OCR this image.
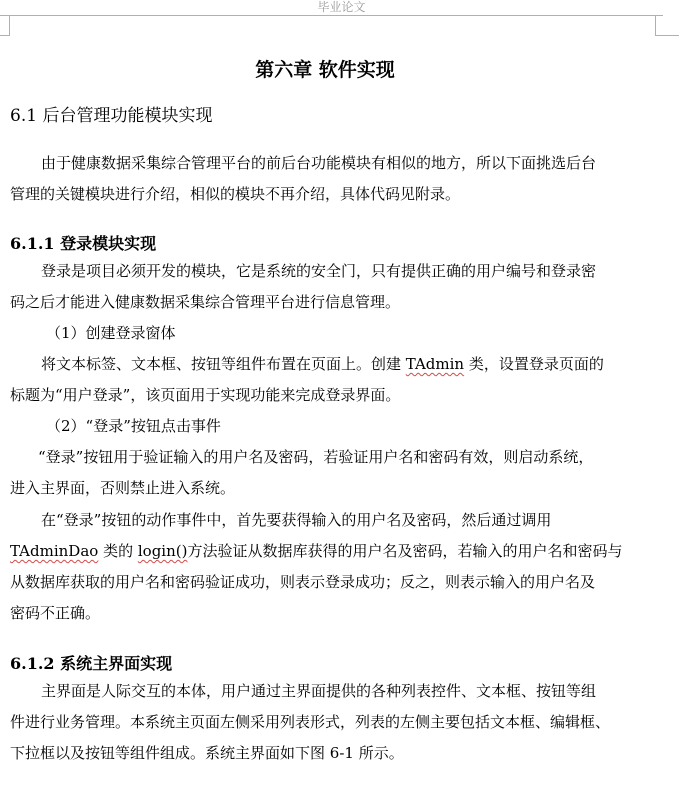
毕业论文
第六章 软件实现
6.1 后台管理功能模块实现

由于健康数据采集综合管理平台的前后台功能模块有相似的地方，所以下面挑选后台
管理的关键模块进行介绍，相似的模块不再介绍，具体代码见附录。

6.1.1 登录模块实现

登录是项目必须开发的模块，它是系统的安全门，只有提供正确的用户编号和登录密
码之后才能进入健康数据采集综合管理平台进行信息管理。

（1）创建登录窗体

将文本标签、文本框、按钮等组件布置在页面上。创建 TAdmin 类，设置登录页面的
标题为“用户登录”，该页面用于实现功能来完成登录界面。

（2）“登录”按钮点击事件

“登录”按钮用于验证输入的用户名及密码，若验证用户名和密码有效，则启动系统，
进入主界面，否则禁止进入系统。

在“登录”按钮的动作事件中，首先要获得输入的用户名及密码，然后通过调用
TAdminDao 类的 login()方法验证从数据库获得的用户名及密码，若输入的用户名和密码与
从数据库获取的用户名和密码验证成功，则表示登录成功；反之，则表示输入的用户名及
密码不正确。

6.1.2 系统主界面实现

主界面是人际交互的本体，用户通过主界面提供的各种列表控件、文本框、按钮等组
件进行业务管理。本系统主页面左侧采用列表形式，列表的左侧主要包括文本框、编辑框、
下拉框以及按钮等组件组成。系统主界面如下图 6-1 所示。
